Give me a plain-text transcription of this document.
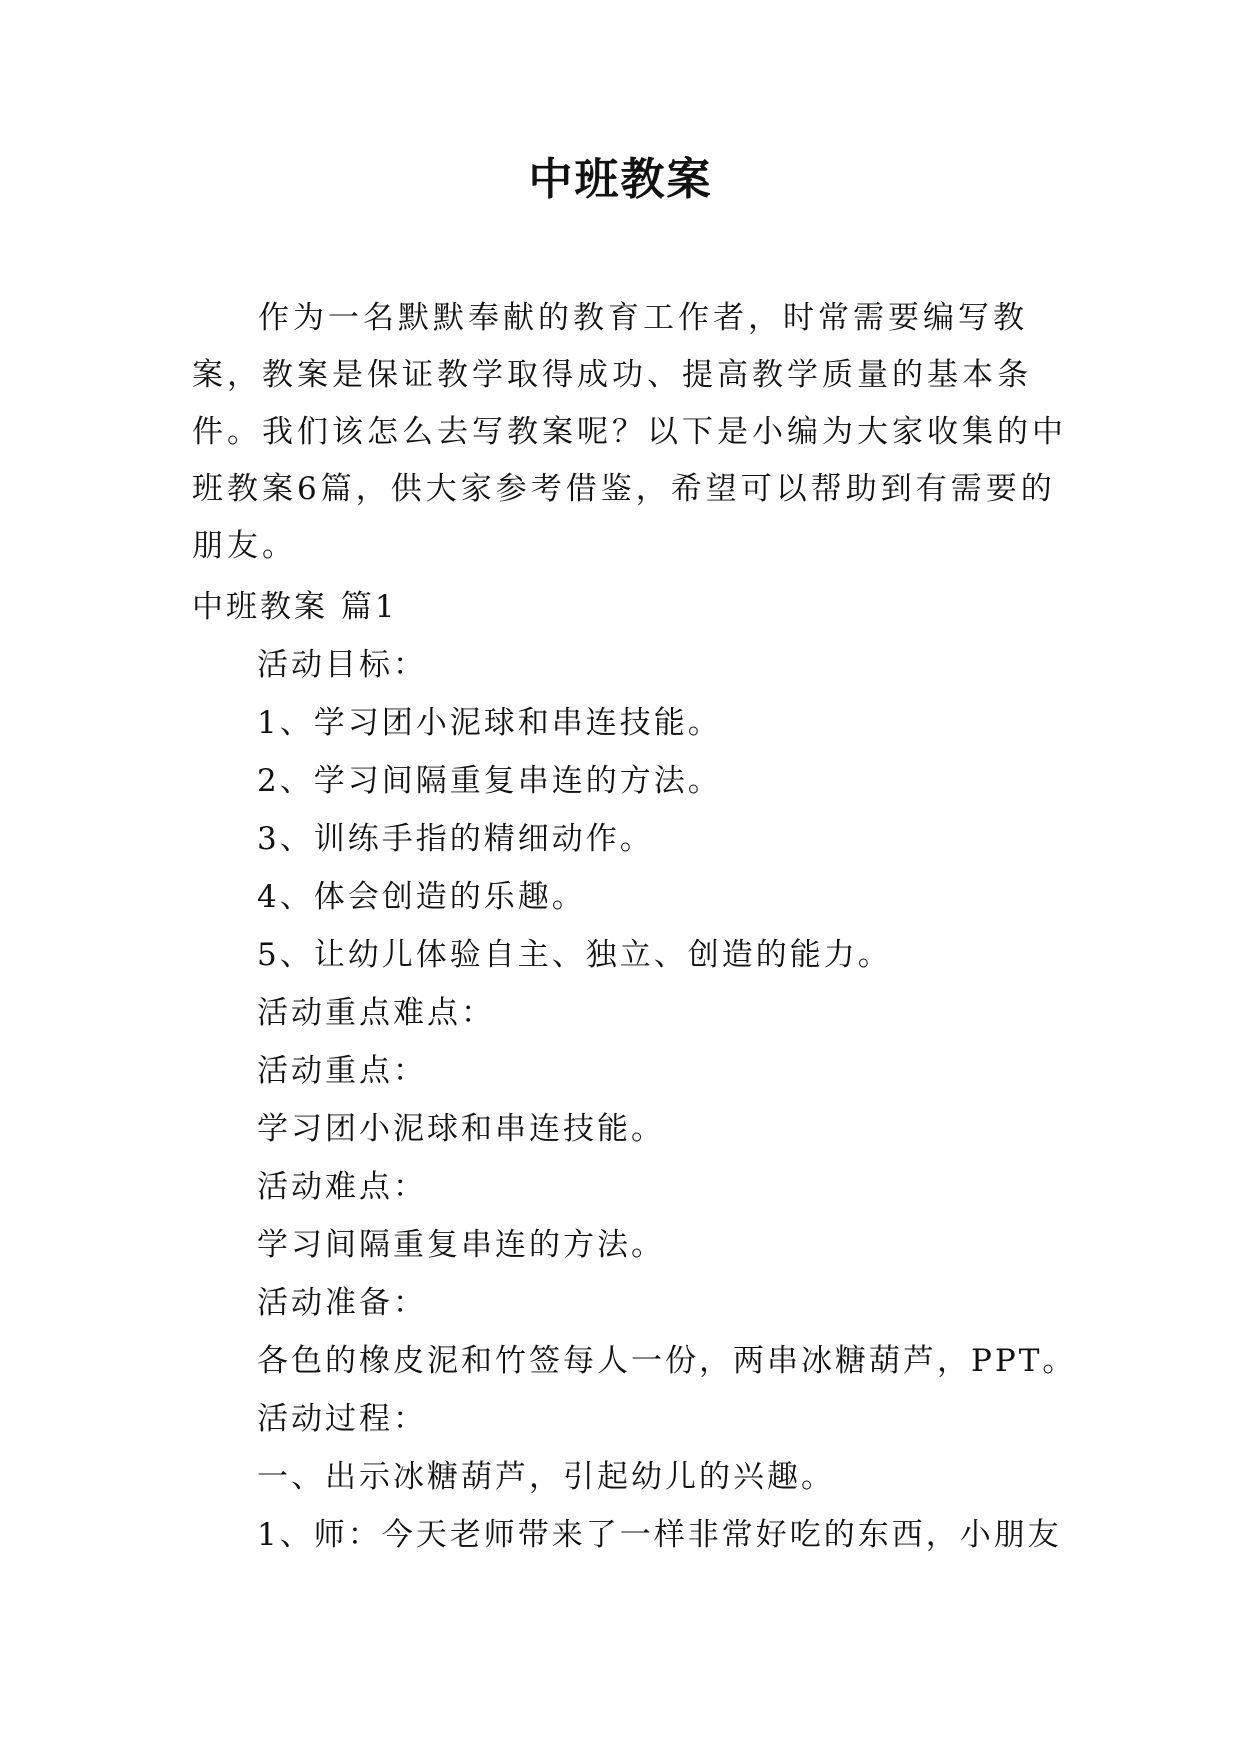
中班教案

作为一名默默奉献的教育工作者，时常需要编写教案，教案是保证教学取得成功、提高教学质量的基本条件。我们该怎么去写教案呢？以下是小编为大家收集的中班教案6篇，供大家参考借鉴，希望可以帮助到有需要的朋友。

中班教案 篇1
活动目标：
1、学习团小泥球和串连技能。
2、学习间隔重复串连的方法。
3、训练手指的精细动作。
4、体会创造的乐趣。
5、让幼儿体验自主、独立、创造的能力。
活动重点难点：
活动重点：
学习团小泥球和串连技能。
活动难点：
学习间隔重复串连的方法。
活动准备：
各色的橡皮泥和竹签每人一份，两串冰糖葫芦，PPT。
活动过程：
一、出示冰糖葫芦，引起幼儿的兴趣。
1、师：今天老师带来了一样非常好吃的东西，小朋友
